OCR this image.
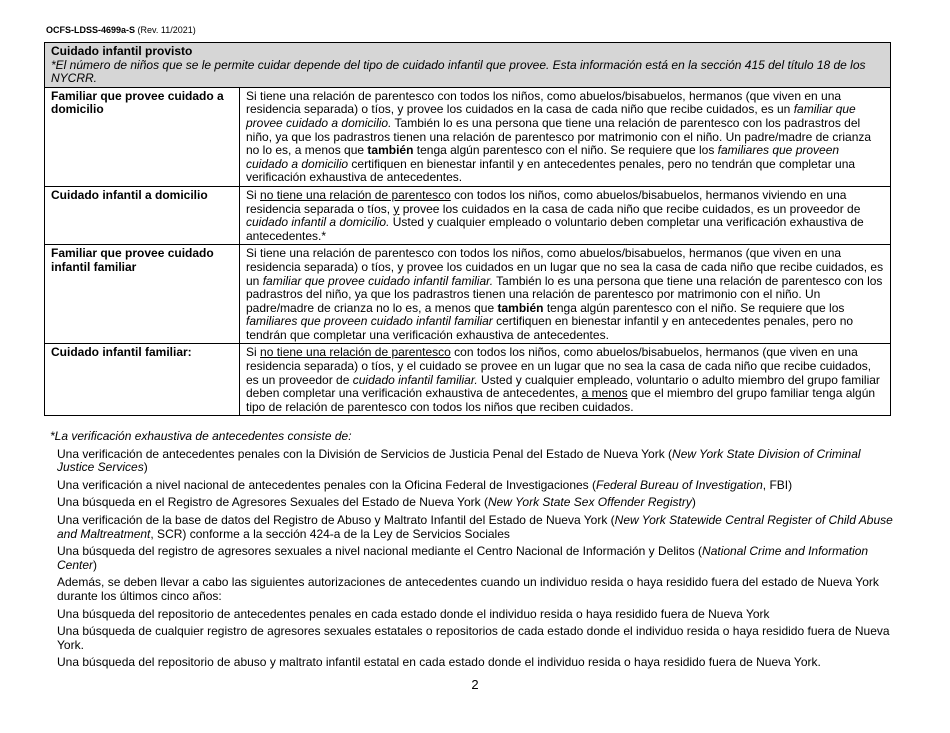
OCFS-LDSS-4699a-S (Rev. 11/2021)
Cuidado infantil provisto
*El número de niños que se le permite cuidar depende del tipo de cuidado infantil que provee. Esta información está en la sección 415 del título 18 de los NYCRR.	

Familiar que provee cuidado a domicilio	Si tiene una relación de parentesco con todos los niños, como abuelos/bisabuelos, hermanos (que viven en una residencia separada) o tíos, y provee los cuidados en la casa de cada niño que recibe cuidados, es un familiar que provee cuidado a domicilio. También lo es una persona que tiene una relación de parentesco con los padrastros del niño, ya que los padrastros tienen una relación de parentesco por matrimonio con el niño. Un padre/madre de crianza no lo es, a menos que también tenga algún parentesco con el niño. Se requiere que los familiares que proveen cuidado a domicilio certifiquen en bienestar infantil y en antecedentes penales, pero no tendrán que completar una verificación exhaustiva de antecedentes.
Cuidado infantil a domicilio	Si no tiene una relación de parentesco con todos los niños, como abuelos/bisabuelos, hermanos viviendo en una residencia separada o tíos, y provee los cuidados en la casa de cada niño que recibe cuidados, es un proveedor de cuidado infantil a domicilio. Usted y cualquier empleado o voluntario deben completar una verificación exhaustiva de antecedentes.*
Familiar que provee cuidado infantil familiar	Si tiene una relación de parentesco con todos los niños, como abuelos/bisabuelos, hermanos (que viven en una residencia separada) o tíos, y provee los cuidados en un lugar que no sea la casa de cada niño que recibe cuidados, es un familiar que provee cuidado infantil familiar. También lo es una persona que tiene una relación de parentesco con los padrastros del niño, ya que los padrastros tienen una relación de parentesco por matrimonio con el niño. Un padre/madre de crianza no lo es, a menos que también tenga algún parentesco con el niño. Se requiere que los familiares que proveen cuidado infantil familiar certifiquen en bienestar infantil y en antecedentes penales, pero no tendrán que completar una verificación exhaustiva de antecedentes.
Cuidado infantil familiar:	Si no tiene una relación de parentesco con todos los niños, como abuelos/bisabuelos, hermanos (que viven en una residencia separada) o tíos, y el cuidado se provee en un lugar que no sea la casa de cada niño que recibe cuidados, es un proveedor de cuidado infantil familiar. Usted y cualquier empleado, voluntario o adulto miembro del grupo familiar deben completar una verificación exhaustiva de antecedentes, a menos que el miembro del grupo familiar tenga algún tipo de relación de parentesco con todos los niños que reciben cuidados.
*La verificación exhaustiva de antecedentes consiste de:

Una verificación de antecedentes penales con la División de Servicios de Justicia Penal del Estado de Nueva York (New York State Division of Criminal Justice Services)

Una verificación a nivel nacional de antecedentes penales con la Oficina Federal de Investigaciones (Federal Bureau of Investigation, FBI)

Una búsqueda en el Registro de Agresores Sexuales del Estado de Nueva York (New York State Sex Offender Registry)

Una verificación de la base de datos del Registro de Abuso y Maltrato Infantil del Estado de Nueva York (New York Statewide Central Register of Child Abuse and Maltreatment, SCR) conforme a la sección 424-a de la Ley de Servicios Sociales

Una búsqueda del registro de agresores sexuales a nivel nacional mediante el Centro Nacional de Información y Delitos (National Crime and Information Center)

Además, se deben llevar a cabo las siguientes autorizaciones de antecedentes cuando un individuo resida o haya residido fuera del estado de Nueva York durante los últimos cinco años:

Una búsqueda del repositorio de antecedentes penales en cada estado donde el individuo resida o haya residido fuera de Nueva York

Una búsqueda de cualquier registro de agresores sexuales estatales o repositorios de cada estado donde el individuo resida o haya residido fuera de Nueva York.

Una búsqueda del repositorio de abuso y maltrato infantil estatal en cada estado donde el individuo resida o haya residido fuera de Nueva York.

2
